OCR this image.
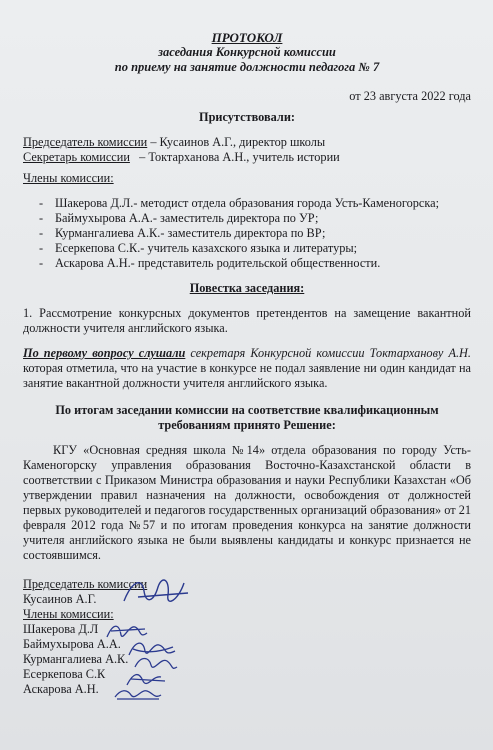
ПРОТОКОЛ
заседания Конкурсной комиссии
по приему на занятие должности педагога № 7
от 23 августа 2022 года
Присутствовали:
Председатель комиссии – Кусаинов А.Г., директор школы
Секретарь комиссии   – Токтарханова А.Н., учитель истории
Члены комиссии:
- Шакерова Д.Л.- методист отдела образования города Усть-Каменогорска;
- Баймухырова А.А.- заместитель директора по УР;
- Курмангалиева А.К.- заместитель директора по ВР;
- Есеркепова С.К.- учитель казахского языка и литературы;
- Аскарова А.Н.- представитель родительской общественности.
Повестка заседания:
1. Рассмотрение конкурсных документов претендентов на замещение вакантной должности учителя английского языка.
По первому вопросу слушали секретаря Конкурсной комиссии Токтарханову А.Н. которая отметила, что на участие в конкурсе не подал заявление ни один кандидат на занятие вакантной должности учителя английского языка.
По итогам заседании комиссии на соответствие квалификационным требованиям принято Решение:
КГУ «Основная средняя школа №14» отдела образования по городу Усть-Каменогорску управления образования Восточно-Казахстанской области в соответствии с Приказом Министра образования и науки Республики Казахстан «Об утверждении правил назначения на должности, освобождения от должностей первых руководителей и педагогов государственных организаций образования» от 21 февраля 2012 года №57 и по итогам проведения конкурса на занятие должности учителя английского языка не были выявлены кандидаты и конкурс признается не состоявшимся.
Председатель комиссии
Кусаинов А.Г.
Члены комиссии:
Шакерова Д.Л
Баймухырова А.А.
Курмангалиева А.К.
Есеркепова С.К
Аскарова А.Н.
